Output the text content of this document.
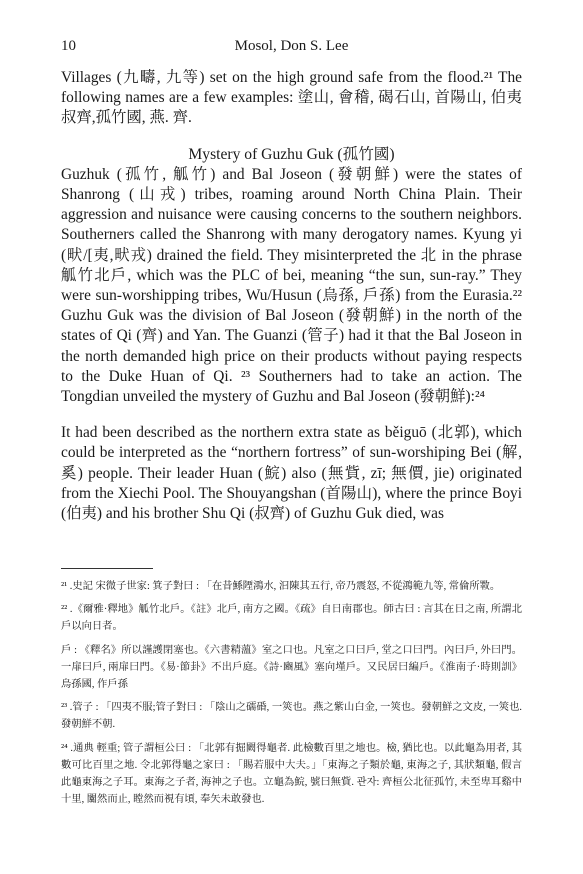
10	Mosol, Don S. Lee

Villages (九疇, 九等) set on the high ground safe from the flood.²¹ The following names are a few examples: 塗山, 會稽, 碣石山, 首陽山, 伯夷叔齊,孤竹國, 燕. 齊.

Mystery of Guzhu Guk (孤竹國)

Guzhuk (孤竹, 觚竹) and Bal Joseon (發朝鮮) were the states of Shanrong (山戎) tribes, roaming around North China Plain. Their aggression and nuisance were causing concerns to the southern neighbors. Southerners called the Shanrong with many derogatory names. Kyung yi (畎/[夷,畎戎) drained the field. They misinterpreted the 北 in the phrase 觚竹北戶, which was the PLC of bei, meaning “the sun, sun-ray.” They were sun-worshipping tribes, Wu/Husun (烏孫, 戶孫) from the Eurasia.²² Guzhu Guk was the division of Bal Joseon (發朝鮮) in the north of the states of Qi (齊) and Yan. The Guanzi (管子) had it that the Bal Joseon in the north demanded high price on their products without paying respects to the Duke Huan of Qi. ²³ Southerners had to take an action. The Tongdian unveiled the mystery of Guzhu and Bal Joseon (發朝鮮):²⁴

It had been described as the northern extra state as běiguō (北郭), which could be interpreted as the “northern fortress” of sun-worshiping Bei (解, 奚) people. Their leader Huan (鯇) also (無貲, zī; 無價, jie) originated from the Xiechi Pool. The Shouyangshan (首陽山), where the prince Boyi (伯夷) and his brother Shu Qi (叔齊) of Guzhu Guk died, was

²¹ .史記 宋微子世家: 箕子對曰 : 「在昔鯀陻鴻水, 汩陳其五行, 帝乃震怒, 不從鴻範九等, 常倫所斁。

²² .《爾雅·釋地》觚竹北戶。《註》北戶, 南方之國。《疏》自日南郡也。師古曰 : 言其在日之南, 所謂北戶以向日者。

戶 : 《釋名》所以謹護閉塞也。《六書精薀》室之口也。凡室之口曰戶, 堂之口曰門。內曰戶, 外曰門。一扉曰戶, 兩扉曰門。《易·節卦》不出戶庭。《詩·豳風》塞向墐戶。又民居曰編戶。《淮南子·時則訓》烏孫國, 作戶孫

²³ .管子 : 「四夷不服;管子對曰 : 「陰山之礝碈, 一筴也。燕之紫山白金, 一筴也。發朝鮮之文皮, 一筴也. 發朝鮮不朝.

²⁴ .通典 輕重; 管子謂桓公曰 : 「北郭有掘闕得龜者. 此檢數百里之地也。檢, 猶比也。以此龜為用者, 其數可比百里之地. 令北郭得龜之家曰 : 「賜若服中大夫。」「東海之子類於龜, 東海之子, 其狀類龜, 假言此龜東海之子耳。東海之子者, 海神之子也。立龜為鯇, 號曰無貲. 관자: 齊桓公北征孤竹, 未至卑耳谿中十里, 闟然而止, 瞠然而視有頃, 奉矢未敢發也.
